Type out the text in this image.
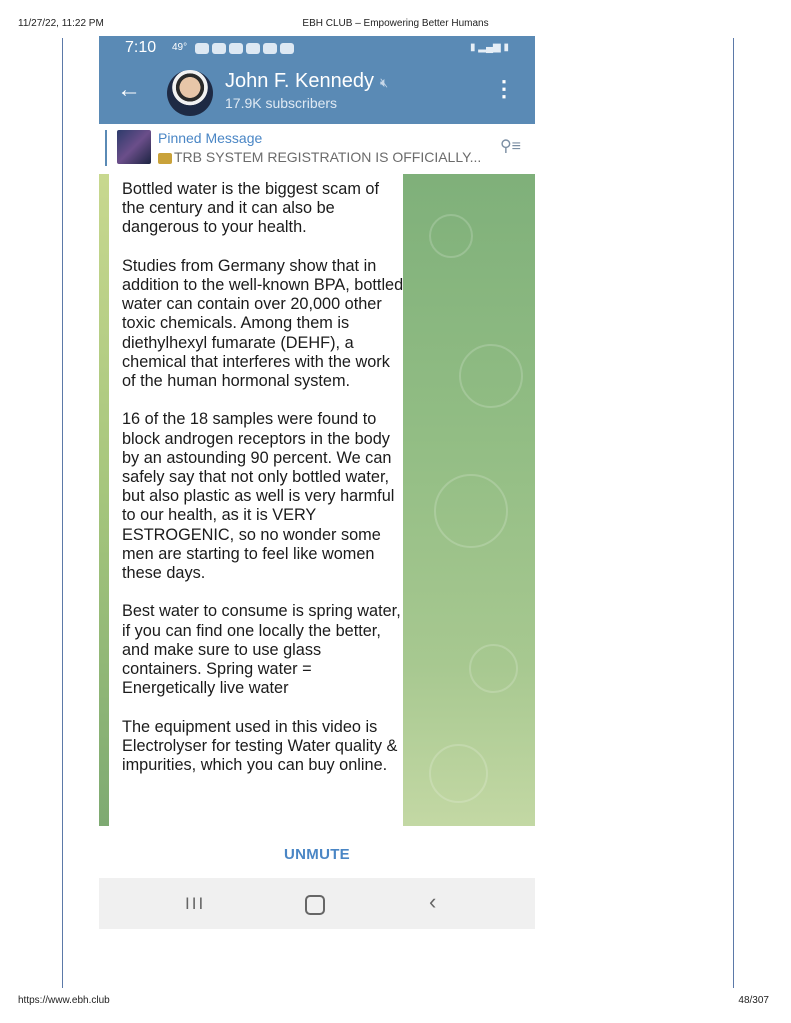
11/27/22, 11:22 PM	EBH CLUB – Empowering Better Humans
7:10 49°	▮ ▂▄▆ ▮
←	John F. Kennedy 🔇︎
17.9K subscribers
⋮
Pinned Message
TRB SYSTEM REGISTRATION IS OFFICIALLY...
⚲≡

Bottled water is the biggest scam of the century and it can also be dangerous to your health.

Studies from Germany show that in addition to the well-known BPA, bottled water can contain over 20,000 other toxic chemicals. Among them is diethylhexyl fumarate (DEHF), a chemical that interferes with the work of the human hormonal system.

16 of the 18 samples were found to block androgen receptors in the body by an astounding 90 percent. We can safely say that not only bottled water, but also plastic as well is very harmful to our health, as it is VERY ESTROGENIC, so no wonder some men are starting to feel like women these days.

Best water to consume is spring water, if you can find one locally the better, and make sure to use glass containers. Spring water = Energetically live water

The equipment used in this video is Electrolyser for testing Water quality & impurities, which you can buy online.

UNMUTE
III	‹
https://www.ebh.club	48/307
